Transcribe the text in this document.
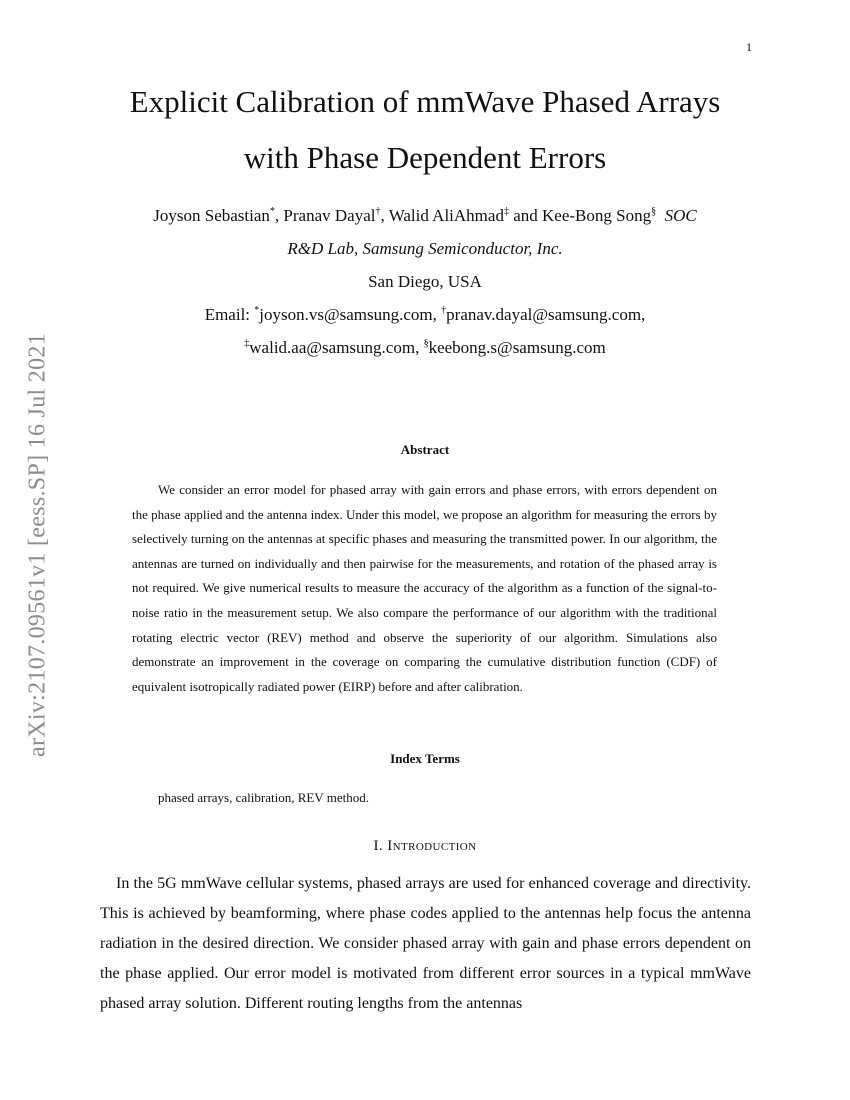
1
arXiv:2107.09561v1 [eess.SP] 16 Jul 2021
Explicit Calibration of mmWave Phased Arrays
with Phase Dependent Errors
Joyson Sebastian*, Pranav Dayal†, Walid AliAhmad‡ and Kee-Bong Song§ SOC
R&D Lab, Samsung Semiconductor, Inc.
San Diego, USA
Email: *joyson.vs@samsung.com, †pranav.dayal@samsung.com,
‡walid.aa@samsung.com, §keebong.s@samsung.com
Abstract
We consider an error model for phased array with gain errors and phase errors, with errors dependent on the phase applied and the antenna index. Under this model, we propose an algorithm for measuring the errors by selectively turning on the antennas at specific phases and measuring the transmitted power. In our algorithm, the antennas are turned on individually and then pairwise for the measurements, and rotation of the phased array is not required. We give numerical results to measure the accuracy of the algorithm as a function of the signal-to-noise ratio in the measurement setup. We also compare the performance of our algorithm with the traditional rotating electric vector (REV) method and observe the superiority of our algorithm. Simulations also demonstrate an improvement in the coverage on comparing the cumulative distribution function (CDF) of equivalent isotropically radiated power (EIRP) before and after calibration.
Index Terms
phased arrays, calibration, REV method.
I. Introduction
In the 5G mmWave cellular systems, phased arrays are used for enhanced coverage and directivity. This is achieved by beamforming, where phase codes applied to the antennas help focus the antenna radiation in the desired direction. We consider phased array with gain and phase errors dependent on the phase applied. Our error model is motivated from different error sources in a typical mmWave phased array solution. Different routing lengths from the antennas
